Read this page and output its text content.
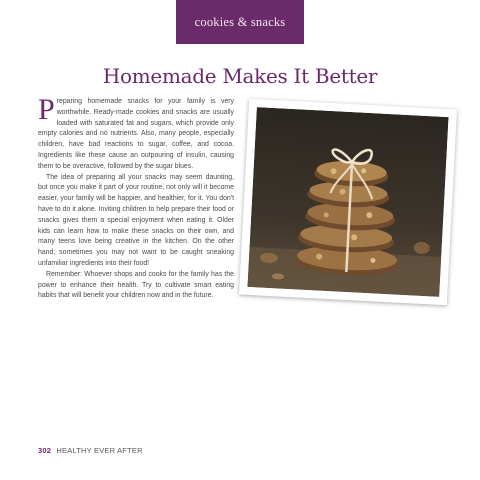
cookies & snacks
Homemade Makes It Better

Preparing homemade snacks for your family is very worthwhile. Ready-made cookies and snacks are usually loaded with saturated fat and sugars, which provide only empty calories and no nutrients. Also, many people, especially children, have bad reactions to sugar, coffee, and cocoa. Ingredients like these cause an outpouring of insulin, causing them to be overactive, followed by the sugar blues.

The idea of preparing all your snacks may seem daunting, but once you make it part of your routine, not only will it become easier, your family will be happier, and healthier, for it. You don't have to do it alone. Inviting children to help prepare their food or snacks gives them a special enjoyment when eating it. Older kids can learn how to make these snacks on their own, and many teens love being creative in the kitchen. On the other hand, sometimes you may not want to be caught sneaking unfamiliar ingredients into their food!

Remember: Whoever shops and cooks for the family has the power to enhance their health. Try to cultivate smart eating habits that will benefit your children now and in the future.

302 HEALTHY EVER AFTER
